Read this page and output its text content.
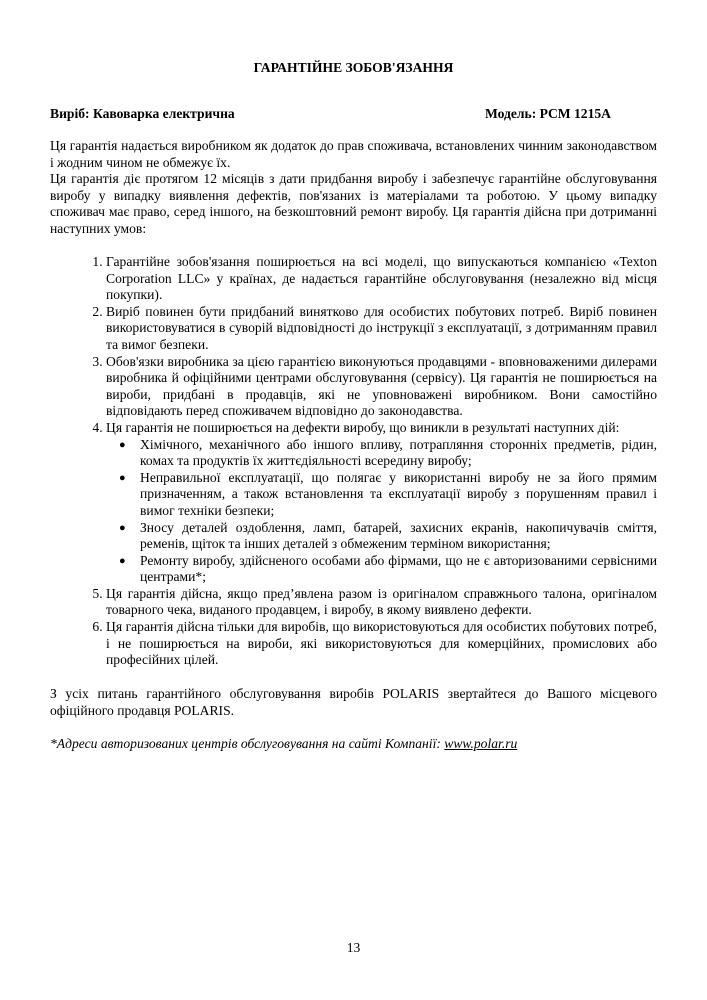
ГАРАНТІЙНЕ ЗОБОВ'ЯЗАННЯ
Виріб: Кавоварка електрична	Модель: PCM 1215A

Ця гарантія надається виробником як додаток до прав споживача, встановлених чинним законодавством і жодним чином не обмежує їх.

Ця гарантія діє протягом 12 місяців з дати придбання виробу і забезпечує гарантійне обслуговування виробу у випадку виявлення дефектів, пов'язаних із матеріалами та роботою. У цьому випадку споживач має право, серед іншого, на безкоштовний ремонт виробу. Ця гарантія дійсна при дотриманні наступних умов:

1. Гарантійне зобов'язання поширюється на всі моделі, що випускаються компанією «Texton Corporation LLC» у країнах, де надається гарантійне обслуговування (незалежно від місця покупки).
2. Виріб повинен бути придбаний винятково для особистих побутових потреб. Виріб повинен використовуватися в суворій відповідності до інструкції з експлуатації, з дотриманням правил та вимог безпеки.
3. Обов'язки виробника за цією гарантією виконуються продавцями - вповноваженими дилерами виробника й офіційними центрами обслуговування (сервісу). Ця гарантія не поширюється на вироби, придбані в продавців, які не уповноважені виробником. Вони самостійно відповідають перед споживачем відповідно до законодавства.
4. Ця гарантія не поширюється на дефекти виробу, що виникли в результаті наступних дій:
● Хімічного, механічного або іншого впливу, потрапляння сторонніх предметів, рідин, комах та продуктів їх життєдіяльності всередину виробу;
● Неправильної експлуатації, що полягає у використанні виробу не за його прямим призначенням, а також встановлення та експлуатації виробу з порушенням правил і вимог техніки безпеки;
● Зносу деталей оздоблення, ламп, батарей, захисних екранів, накопичувачів сміття, ременів, щіток та інших деталей з обмеженим терміном використання;
● Ремонту виробу, здійсненого особами або фірмами, що не є авторизованими сервісними центрами*;
5. Ця гарантія дійсна, якщо пред’явлена разом із оригіналом справжнього талона, оригіналом товарного чека, виданого продавцем, і виробу, в якому виявлено дефекти.
6. Ця гарантія дійсна тільки для виробів, що використовуються для особистих побутових потреб, і не поширюється на вироби, які використовуються для комерційних, промислових або професійних цілей.
З усіх питань гарантійного обслуговування виробів POLARIS звертайтеся до Вашого місцевого офіційного продавця POLARIS.
*Адреси авторизованих центрів обслуговування на сайті Компанії: www.polar.ru
13
